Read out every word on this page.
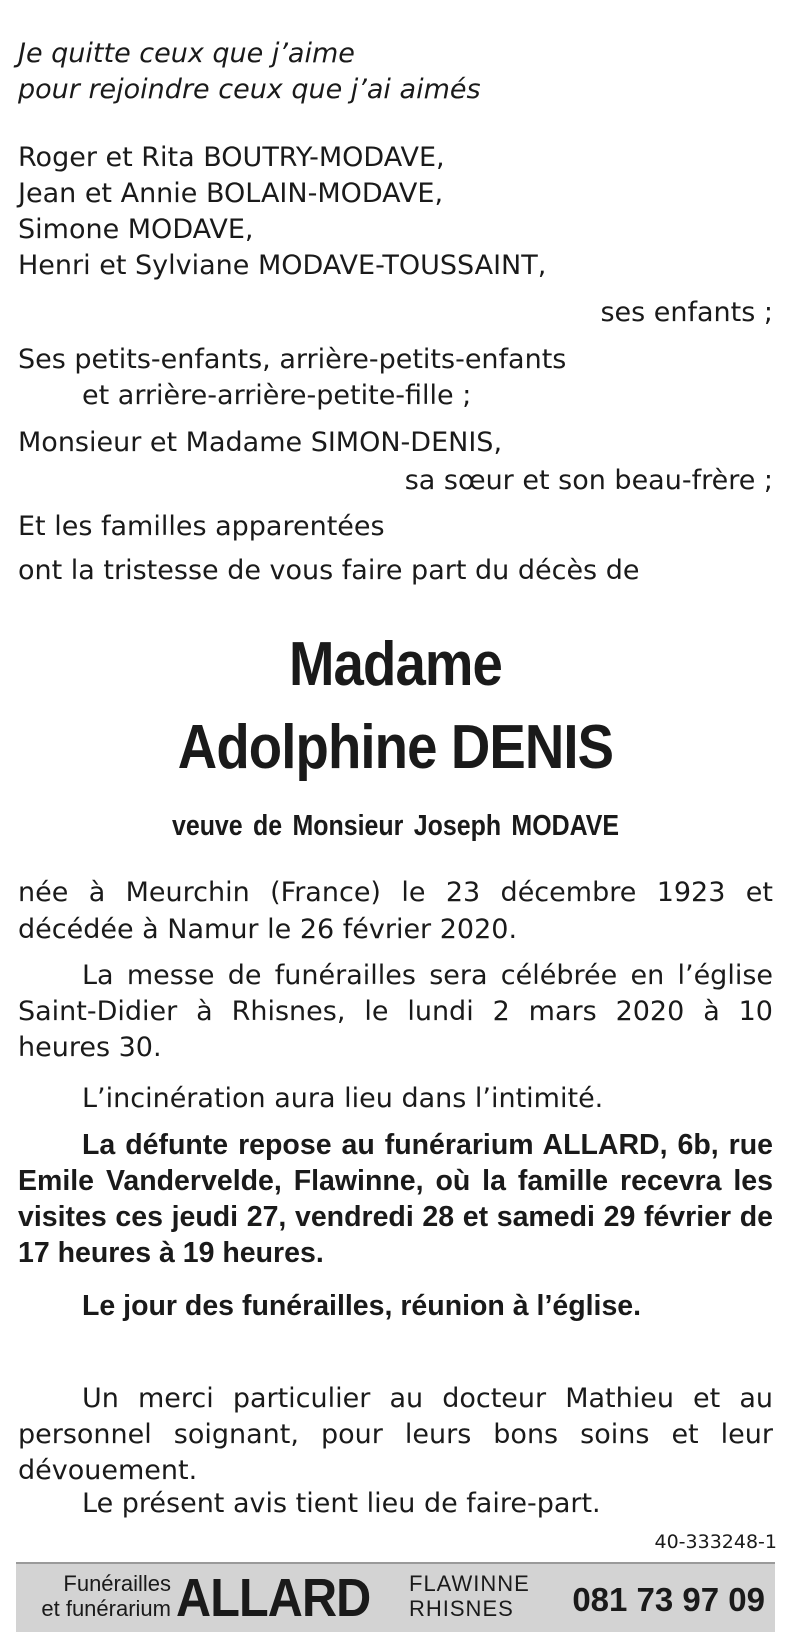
Je quitte ceux que j’aime
pour rejoindre ceux que j’ai aimés
Roger et Rita BOUTRY-MODAVE,
Jean et Annie BOLAIN-MODAVE,
Simone MODAVE,
Henri et Sylviane MODAVE-TOUSSAINT,
ses enfants ;
Ses petits-enfants, arrière-petits-enfants
et arrière-arrière-petite-fille ;
Monsieur et Madame SIMON-DENIS,
sa sœur et son beau-frère ;
Et les familles apparentées
ont la tristesse de vous faire part du décès de
Madame
Adolphine DENIS
veuve de Monsieur Joseph MODAVE
née à Meurchin (France) le 23 décembre 1923 et
décédée à Namur le 26 février 2020.
La messe de funérailles sera célébrée en l’église Saint-Didier à Rhisnes, le lundi 2 mars 2020 à 10 heures 30.
L’incinération aura lieu dans l’intimité.
La défunte repose au funérarium ALLARD, 6b, rue Emile Vandervelde, Flawinne, où la famille recevra les visites ces jeudi 27, vendredi 28 et samedi 29 février de 17 heures à 19 heures.
Le jour des funérailles, réunion à l’église.
Un merci particulier au docteur Mathieu et au personnel soignant, pour leurs bons soins et leur dévouement.
Le présent avis tient lieu de faire-part.
40-333248-1
Funérailles
et funérarium ALLARD FLAWINNE
RHISNES 081 73 97 09
